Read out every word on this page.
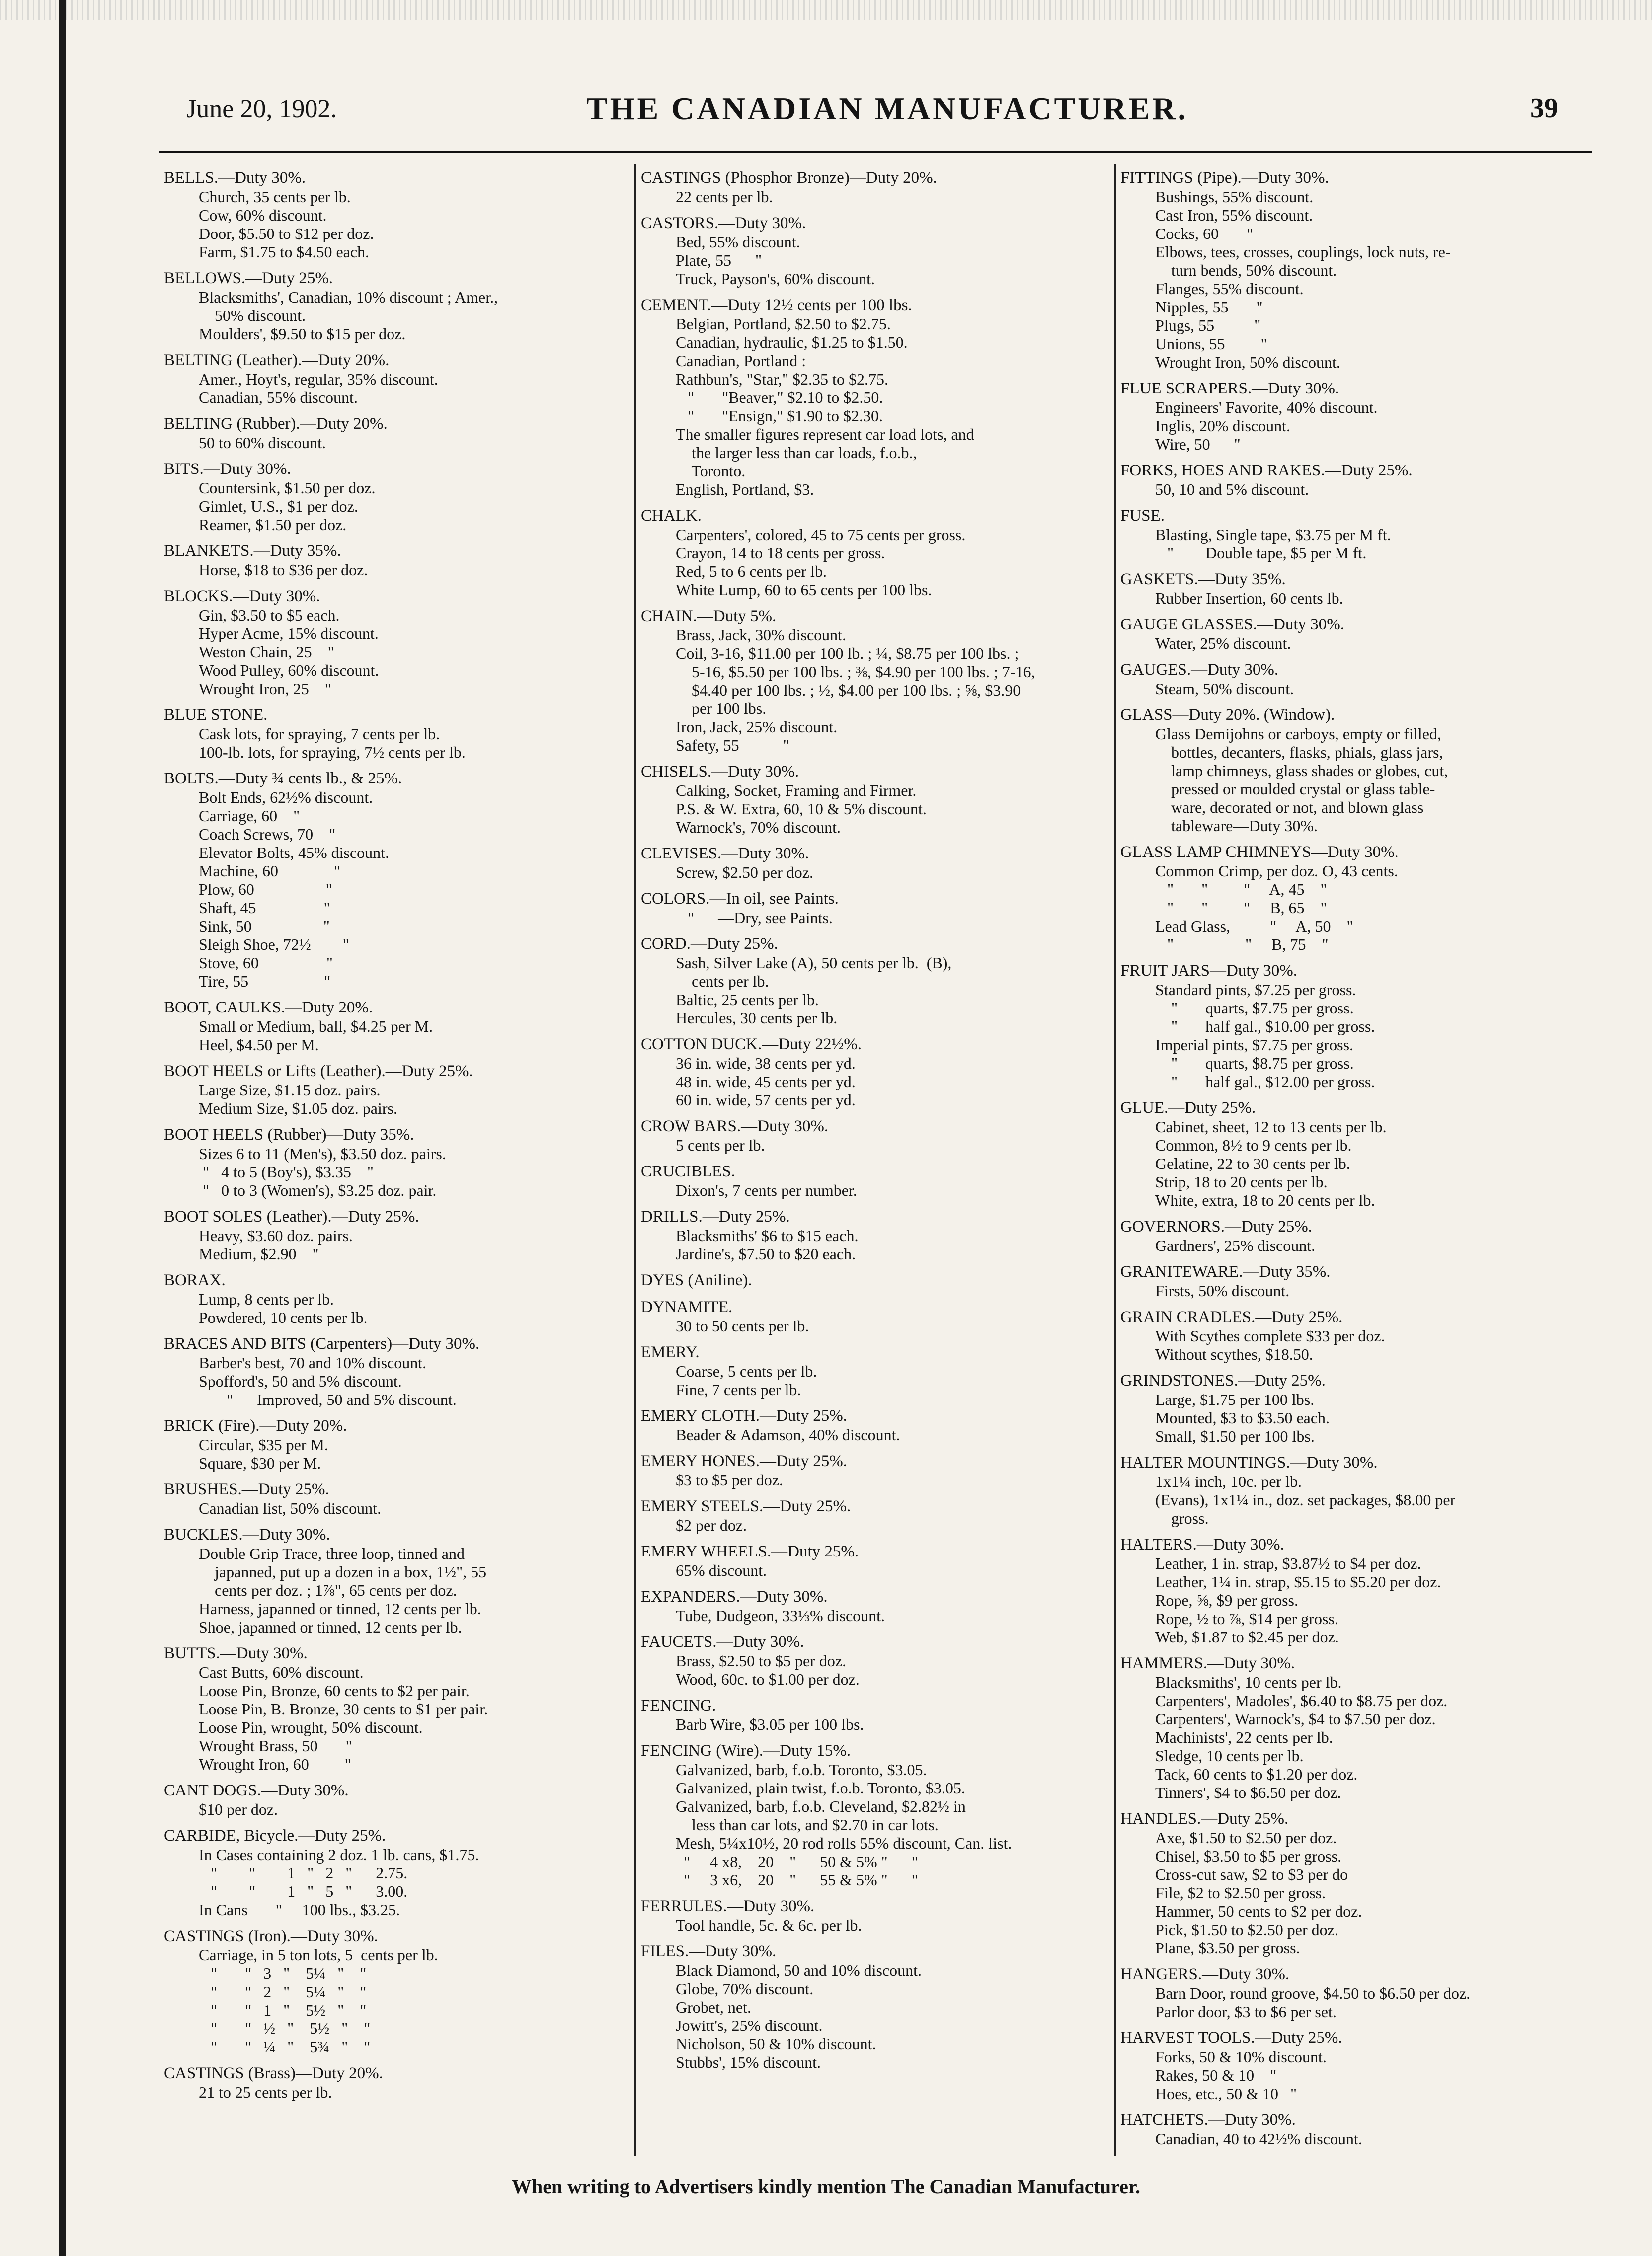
June 20, 1902.	THE CANADIAN MANUFACTURER.	39
BELLS.—Duty 30%.
Church, 35 cents per lb.
Cow, 60% discount.
Door, $5.50 to $12 per doz.
Farm, $1.75 to $4.50 each.
BELLOWS.—Duty 25%.
Blacksmiths', Canadian, 10% discount ; Amer.,
50% discount.
Moulders', $9.50 to $15 per doz.
BELTING (Leather).—Duty 20%.
Amer., Hoyt's, regular, 35% discount.
Canadian, 55% discount.
BELTING (Rubber).—Duty 20%.
50 to 60% discount.
BITS.—Duty 30%.
Countersink, $1.50 per doz.
Gimlet, U.S., $1 per doz.
Reamer, $1.50 per doz.
BLANKETS.—Duty 35%.
Horse, $18 to $36 per doz.
BLOCKS.—Duty 30%.
Gin, $3.50 to $5 each.
Hyper Acme, 15% discount.
Weston Chain, 25    "
Wood Pulley, 60% discount.
Wrought Iron, 25    "
BLUE STONE.
Cask lots, for spraying, 7 cents per lb.
100-lb. lots, for spraying, 7½ cents per lb.
BOLTS.—Duty ¾ cents lb., & 25%.
Bolt Ends, 62½% discount.
Carriage, 60    "
Coach Screws, 70    "
Elevator Bolts, 45% discount.
Machine, 60              "
Plow, 60                  "
Shaft, 45                 "
Sink, 50                  "
Sleigh Shoe, 72½        "
Stove, 60                 "
Tire, 55                   "
BOOT, CAULKS.—Duty 20%.
Small or Medium, ball, $4.25 per M.
Heel, $4.50 per M.
BOOT HEELS or Lifts (Leather).—Duty 25%.
Large Size, $1.15 doz. pairs.
Medium Size, $1.05 doz. pairs.
BOOT HEELS (Rubber)—Duty 35%.
Sizes 6 to 11 (Men's), $3.50 doz. pairs.
"   4 to 5 (Boy's), $3.35    "
"   0 to 3 (Women's), $3.25 doz. pair.
BOOT SOLES (Leather).—Duty 25%.
Heavy, $3.60 doz. pairs.
Medium, $2.90    "
BORAX.
Lump, 8 cents per lb.
Powdered, 10 cents per lb.
BRACES AND BITS (Carpenters)—Duty 30%.
Barber's best, 70 and 10% discount.
Spofford's, 50 and 5% discount.
"      Improved, 50 and 5% discount.
BRICK (Fire).—Duty 20%.
Circular, $35 per M.
Square, $30 per M.
BRUSHES.—Duty 25%.
Canadian list, 50% discount.
BUCKLES.—Duty 30%.
Double Grip Trace, three loop, tinned and
japanned, put up a dozen in a box, 1½", 55
cents per doz. ; 1⅞", 65 cents per doz.
Harness, japanned or tinned, 12 cents per lb.
Shoe, japanned or tinned, 12 cents per lb.
BUTTS.—Duty 30%.
Cast Butts, 60% discount.
Loose Pin, Bronze, 60 cents to $2 per pair.
Loose Pin, B. Bronze, 30 cents to $1 per pair.
Loose Pin, wrought, 50% discount.
Wrought Brass, 50       "
Wrought Iron, 60         "
CANT DOGS.—Duty 30%.
$10 per doz.
CARBIDE, Bicycle.—Duty 25%.
In Cases containing 2 doz. 1 lb. cans, $1.75.
"        "        1   "   2   "      2.75.
"        "        1   "   5   "      3.00.
In Cans       "     100 lbs., $3.25.
CASTINGS (Iron).—Duty 30%.
Carriage, in 5 ton lots, 5  cents per lb.
"       "   3   "    5¼   "    "
"       "   2   "    5¼   "    "
"       "   1   "    5½   "    "
"       "   ½   "    5½   "    "
"       "   ¼   "    5¾   "    "
CASTINGS (Brass)—Duty 20%.
21 to 25 cents per lb.
CASTINGS (Phosphor Bronze)—Duty 20%.
22 cents per lb.
CASTORS.—Duty 30%.
Bed, 55% discount.
Plate, 55      "
Truck, Payson's, 60% discount.
CEMENT.—Duty 12½ cents per 100 lbs.
Belgian, Portland, $2.50 to $2.75.
Canadian, hydraulic, $1.25 to $1.50.
Canadian, Portland :
Rathbun's, "Star," $2.35 to $2.75.
"       "Beaver," $2.10 to $2.50.
"       "Ensign," $1.90 to $2.30.
The smaller figures represent car load lots, and
the larger less than car loads, f.o.b.,
Toronto.
English, Portland, $3.
CHALK.
Carpenters', colored, 45 to 75 cents per gross.
Crayon, 14 to 18 cents per gross.
Red, 5 to 6 cents per lb.
White Lump, 60 to 65 cents per 100 lbs.
CHAIN.—Duty 5%.
Brass, Jack, 30% discount.
Coil, 3-16, $11.00 per 100 lb. ; ¼, $8.75 per 100 lbs. ;
5-16, $5.50 per 100 lbs. ; ⅜, $4.90 per 100 lbs. ; 7-16,
$4.40 per 100 lbs. ; ½, $4.00 per 100 lbs. ; ⅝, $3.90
per 100 lbs.
Iron, Jack, 25% discount.
Safety, 55           "
CHISELS.—Duty 30%.
Calking, Socket, Framing and Firmer.
P.S. & W. Extra, 60, 10 & 5% discount.
Warnock's, 70% discount.
CLEVISES.—Duty 30%.
Screw, $2.50 per doz.
COLORS.—In oil, see Paints.
"      —Dry, see Paints.
CORD.—Duty 25%.
Sash, Silver Lake (A), 50 cents per lb.  (B),
cents per lb.
Baltic, 25 cents per lb.
Hercules, 30 cents per lb.
COTTON DUCK.—Duty 22½%.
36 in. wide, 38 cents per yd.
48 in. wide, 45 cents per yd.
60 in. wide, 57 cents per yd.
CROW BARS.—Duty 30%.
5 cents per lb.
CRUCIBLES.
Dixon's, 7 cents per number.
DRILLS.—Duty 25%.
Blacksmiths' $6 to $15 each.
Jardine's, $7.50 to $20 each.
DYES (Aniline).
DYNAMITE.
30 to 50 cents per lb.
EMERY.
Coarse, 5 cents per lb.
Fine, 7 cents per lb.
EMERY CLOTH.—Duty 25%.
Beader & Adamson, 40% discount.
EMERY HONES.—Duty 25%.
$3 to $5 per doz.
EMERY STEELS.—Duty 25%.
$2 per doz.
EMERY WHEELS.—Duty 25%.
65% discount.
EXPANDERS.—Duty 30%.
Tube, Dudgeon, 33⅓% discount.
FAUCETS.—Duty 30%.
Brass, $2.50 to $5 per doz.
Wood, 60c. to $1.00 per doz.
FENCING.
Barb Wire, $3.05 per 100 lbs.
FENCING (Wire).—Duty 15%.
Galvanized, barb, f.o.b. Toronto, $3.05.
Galvanized, plain twist, f.o.b. Toronto, $3.05.
Galvanized, barb, f.o.b. Cleveland, $2.82½ in
less than car lots, and $2.70 in car lots.
Mesh, 5¼x10½, 20 rod rolls 55% discount, Can. list.
"     4 x8,    20    "      50 & 5% "      "
"     3 x6,    20    "      55 & 5% "      "
FERRULES.—Duty 30%.
Tool handle, 5c. & 6c. per lb.
FILES.—Duty 30%.
Black Diamond, 50 and 10% discount.
Globe, 70% discount.
Grobet, net.
Jowitt's, 25% discount.
Nicholson, 50 & 10% discount.
Stubbs', 15% discount.
FITTINGS (Pipe).—Duty 30%.
Bushings, 55% discount.
Cast Iron, 55% discount.
Cocks, 60       "
Elbows, tees, crosses, couplings, lock nuts, re-
turn bends, 50% discount.
Flanges, 55% discount.
Nipples, 55       "
Plugs, 55          "
Unions, 55         "
Wrought Iron, 50% discount.
FLUE SCRAPERS.—Duty 30%.
Engineers' Favorite, 40% discount.
Inglis, 20% discount.
Wire, 50      "
FORKS, HOES AND RAKES.—Duty 25%.
50, 10 and 5% discount.
FUSE.
Blasting, Single tape, $3.75 per M ft.
"        Double tape, $5 per M ft.
GASKETS.—Duty 35%.
Rubber Insertion, 60 cents lb.
GAUGE GLASSES.—Duty 30%.
Water, 25% discount.
GAUGES.—Duty 30%.
Steam, 50% discount.
GLASS—Duty 20%. (Window).
Glass Demijohns or carboys, empty or filled,
bottles, decanters, flasks, phials, glass jars,
lamp chimneys, glass shades or globes, cut,
pressed or moulded crystal or glass table-
ware, decorated or not, and blown glass
tableware—Duty 30%.
GLASS LAMP CHIMNEYS—Duty 30%.
Common Crimp, per doz. O, 43 cents.
"       "         "     A, 45    "
"       "         "     B, 65    "
Lead Glass,          "     A, 50    "
"                  "     B, 75    "
FRUIT JARS—Duty 30%.
Standard pints, $7.25 per gross.
"       quarts, $7.75 per gross.
"       half gal., $10.00 per gross.
Imperial pints, $7.75 per gross.
"       quarts, $8.75 per gross.
"       half gal., $12.00 per gross.
GLUE.—Duty 25%.
Cabinet, sheet, 12 to 13 cents per lb.
Common, 8½ to 9 cents per lb.
Gelatine, 22 to 30 cents per lb.
Strip, 18 to 20 cents per lb.
White, extra, 18 to 20 cents per lb.
GOVERNORS.—Duty 25%.
Gardners', 25% discount.
GRANITEWARE.—Duty 35%.
Firsts, 50% discount.
GRAIN CRADLES.—Duty 25%.
With Scythes complete $33 per doz.
Without scythes, $18.50.
GRINDSTONES.—Duty 25%.
Large, $1.75 per 100 lbs.
Mounted, $3 to $3.50 each.
Small, $1.50 per 100 lbs.
HALTER MOUNTINGS.—Duty 30%.
1x1¼ inch, 10c. per lb.
(Evans), 1x1¼ in., doz. set packages, $8.00 per
gross.
HALTERS.—Duty 30%.
Leather, 1 in. strap, $3.87½ to $4 per doz.
Leather, 1¼ in. strap, $5.15 to $5.20 per doz.
Rope, ⅝, $9 per gross.
Rope, ½ to ⅞, $14 per gross.
Web, $1.87 to $2.45 per doz.
HAMMERS.—Duty 30%.
Blacksmiths', 10 cents per lb.
Carpenters', Madoles', $6.40 to $8.75 per doz.
Carpenters', Warnock's, $4 to $7.50 per doz.
Machinists', 22 cents per lb.
Sledge, 10 cents per lb.
Tack, 60 cents to $1.20 per doz.
Tinners', $4 to $6.50 per doz.
HANDLES.—Duty 25%.
Axe, $1.50 to $2.50 per doz.
Chisel, $3.50 to $5 per gross.
Cross-cut saw, $2 to $3 per do
File, $2 to $2.50 per gross.
Hammer, 50 cents to $2 per doz.
Pick, $1.50 to $2.50 per doz.
Plane, $3.50 per gross.
HANGERS.—Duty 30%.
Barn Door, round groove, $4.50 to $6.50 per doz.
Parlor door, $3 to $6 per set.
HARVEST TOOLS.—Duty 25%.
Forks, 50 & 10% discount.
Rakes, 50 & 10    "
Hoes, etc., 50 & 10   "
HATCHETS.—Duty 30%.
Canadian, 40 to 42½% discount.
When writing to Advertisers kindly mention The Canadian Manufacturer.
